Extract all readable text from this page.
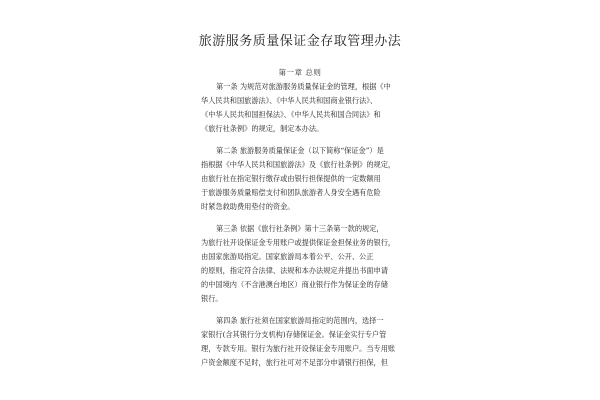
旅游服务质量保证金存取管理办法
第一章 总则
第一条 为规范对旅游服务质量保证金的管理，根据《中
华人民共和国旅游法》、《中华人民共和国商业银行法》、
《中华人民共和国担保法》、《中华人民共和国合同法》和
《旅行社条例》的规定，制定本办法。
第二条 旅游服务质量保证金（以下简称“保证金”）是
指根据《中华人民共和国旅游法》及《旅行社条例》的规定，
由旅行社在指定银行缴存或由银行担保提供的一定数额用
于旅游服务质量赔偿支付和团队旅游者人身安全遇有危险
时紧急救助费用垫付的资金。
第三条 依据《旅行社条例》第十三条第一款的规定，
为旅行社开设保证金专用账户或提供保证金担保业务的银行，
由国家旅游局指定。国家旅游局本着公平、公开、公正
的原则，指定符合法律、法规和本办法规定并提出书面申请
的中国境内（不含港澳台地区）商业银行作为保证金的存储
银行。
第四条 旅行社须在国家旅游局指定的范围内，选择一
家银行(含其银行分支机构)存储保证金。保证金实行专户管
理，专款专用。银行为旅行社开设保证金专用账户。当专用账
户资金额度不足时，旅行社可对不足部分申请银行担保，但
